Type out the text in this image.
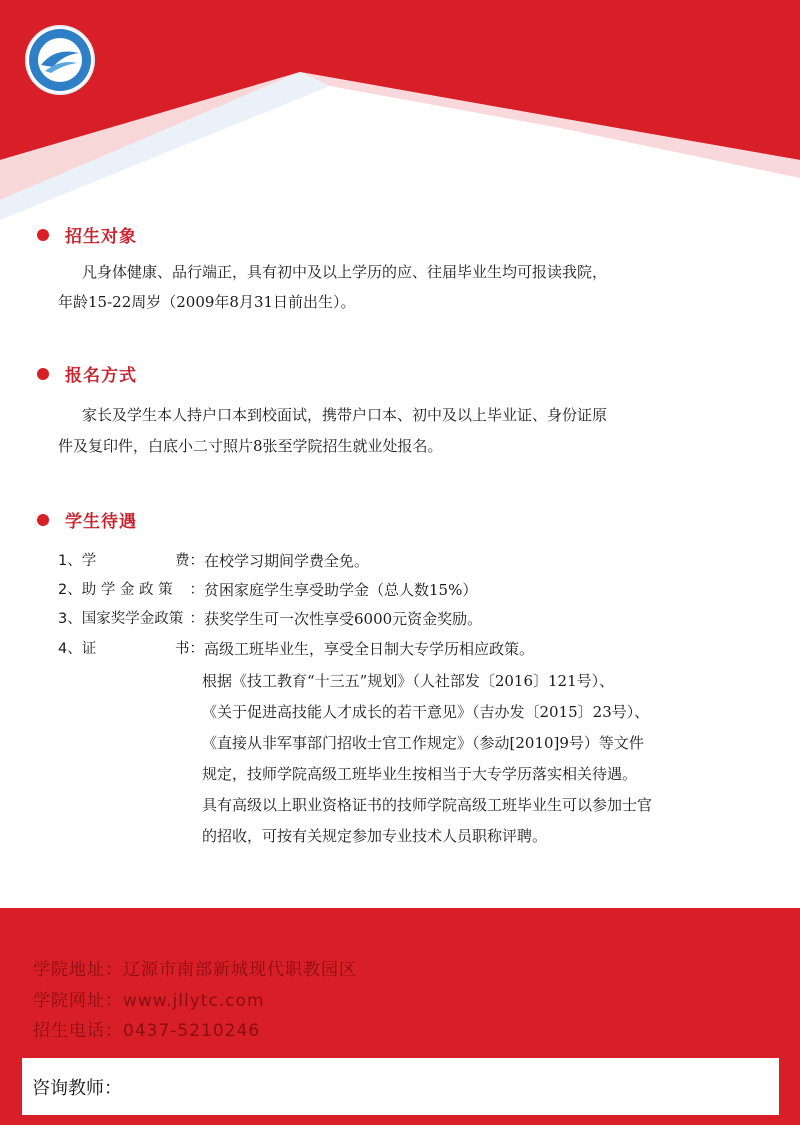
招生对象
凡身体健康、品行端正，具有初中及以上学历的应、往届毕业生均可报读我院，
年龄15-22周岁（2009年8月31日前出生）。
报名方式
家长及学生本人持户口本到校面试，携带户口本、初中及以上毕业证、身份证原
件及复印件，白底小二寸照片8张至学院招生就业处报名。
学生待遇
1、学	费： 在校学习期间学费全免。
2、助 学 金 政 策 ： 贫困家庭学生享受助学金（总人数15%）
3、国家奖学金政策 ： 获奖学生可一次性享受6000元资金奖励。
4、证	书： 高级工班毕业生，享受全日制大专学历相应政策。
根据《技工教育“十三五”规划》（人社部发〔2016〕121号）、
《关于促进高技能人才成长的若干意见》（吉办发〔2015〕23号）、
《直接从非军事部门招收士官工作规定》（参动[2010]9号）等文件
规定，技师学院高级工班毕业生按相当于大专学历落实相关待遇。
具有高级以上职业资格证书的技师学院高级工班毕业生可以参加士官
的招收，可按有关规定参加专业技术人员职称评聘。
学院地址：辽源市南部新城现代职教园区
学院网址：www.jllytc.com
招生电话：0437-5210246
咨询教师：
